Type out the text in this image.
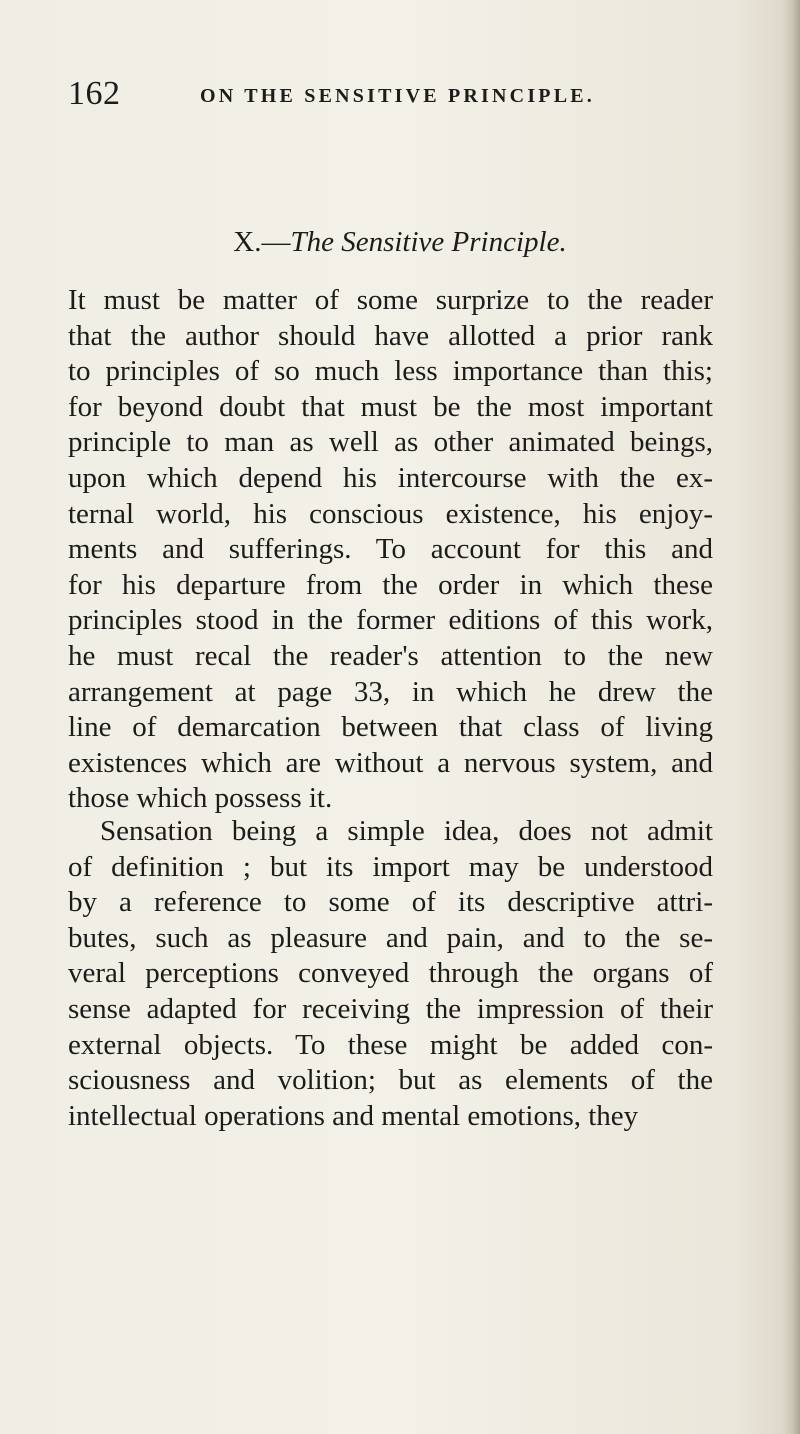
162	ON THE SENSITIVE PRINCIPLE.
X.—The Sensitive Principle.
It must be matter of some surprize to the reader
that the author should have allotted a prior rank
to principles of so much less importance than this;
for beyond doubt that must be the most important
principle to man as well as other animated beings,
upon which depend his intercourse with the ex-
ternal world, his conscious existence, his enjoy-
ments and sufferings. To account for this and
for his departure from the order in which these
principles stood in the former editions of this work,
he must recal the reader's attention to the new
arrangement at page 33, in which he drew the
line of demarcation between that class of living
existences which are without a nervous system, and
those which possess it.
Sensation being a simple idea, does not admit
of definition ; but its import may be understood
by a reference to some of its descriptive attri-
butes, such as pleasure and pain, and to the se-
veral perceptions conveyed through the organs of
sense adapted for receiving the impression of their
external objects. To these might be added con-
sciousness and volition; but as elements of the
intellectual operations and mental emotions, they
